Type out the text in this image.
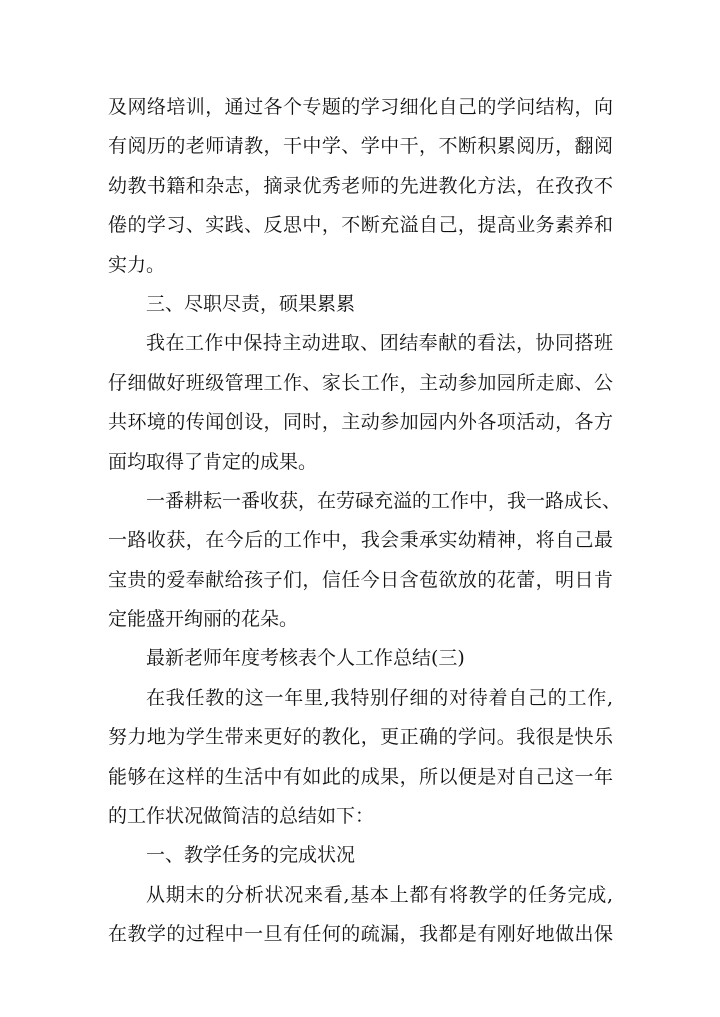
及网络培训，通过各个专题的学习细化自己的学问结构，向
有阅历的老师请教，干中学、学中干，不断积累阅历，翻阅
幼教书籍和杂志，摘录优秀老师的先进教化方法，在孜孜不
倦的学习、实践、反思中，不断充溢自己，提高业务素养和
实力。
三、尽职尽责，硕果累累
我在工作中保持主动进取、团结奉献的看法，协同搭班
仔细做好班级管理工作、家长工作，主动参加园所走廊、公
共环境的传闻创设，同时，主动参加园内外各项活动，各方
面均取得了肯定的成果。
一番耕耘一番收获，在劳碌充溢的工作中，我一路成长、
一路收获，在今后的工作中，我会秉承实幼精神，将自己最
宝贵的爱奉献给孩子们，信任今日含苞欲放的花蕾，明日肯
定能盛开绚丽的花朵。
最新老师年度考核表个人工作总结(三)
在我任教的这一年里,我特别仔细的对待着自己的工作,
努力地为学生带来更好的教化，更正确的学问。我很是快乐
能够在这样的生活中有如此的成果，所以便是对自己这一年
的工作状况做简洁的总结如下：
一、教学任务的完成状况
从期末的分析状况来看,基本上都有将教学的任务完成,
在教学的过程中一旦有任何的疏漏，我都是有刚好地做出保
